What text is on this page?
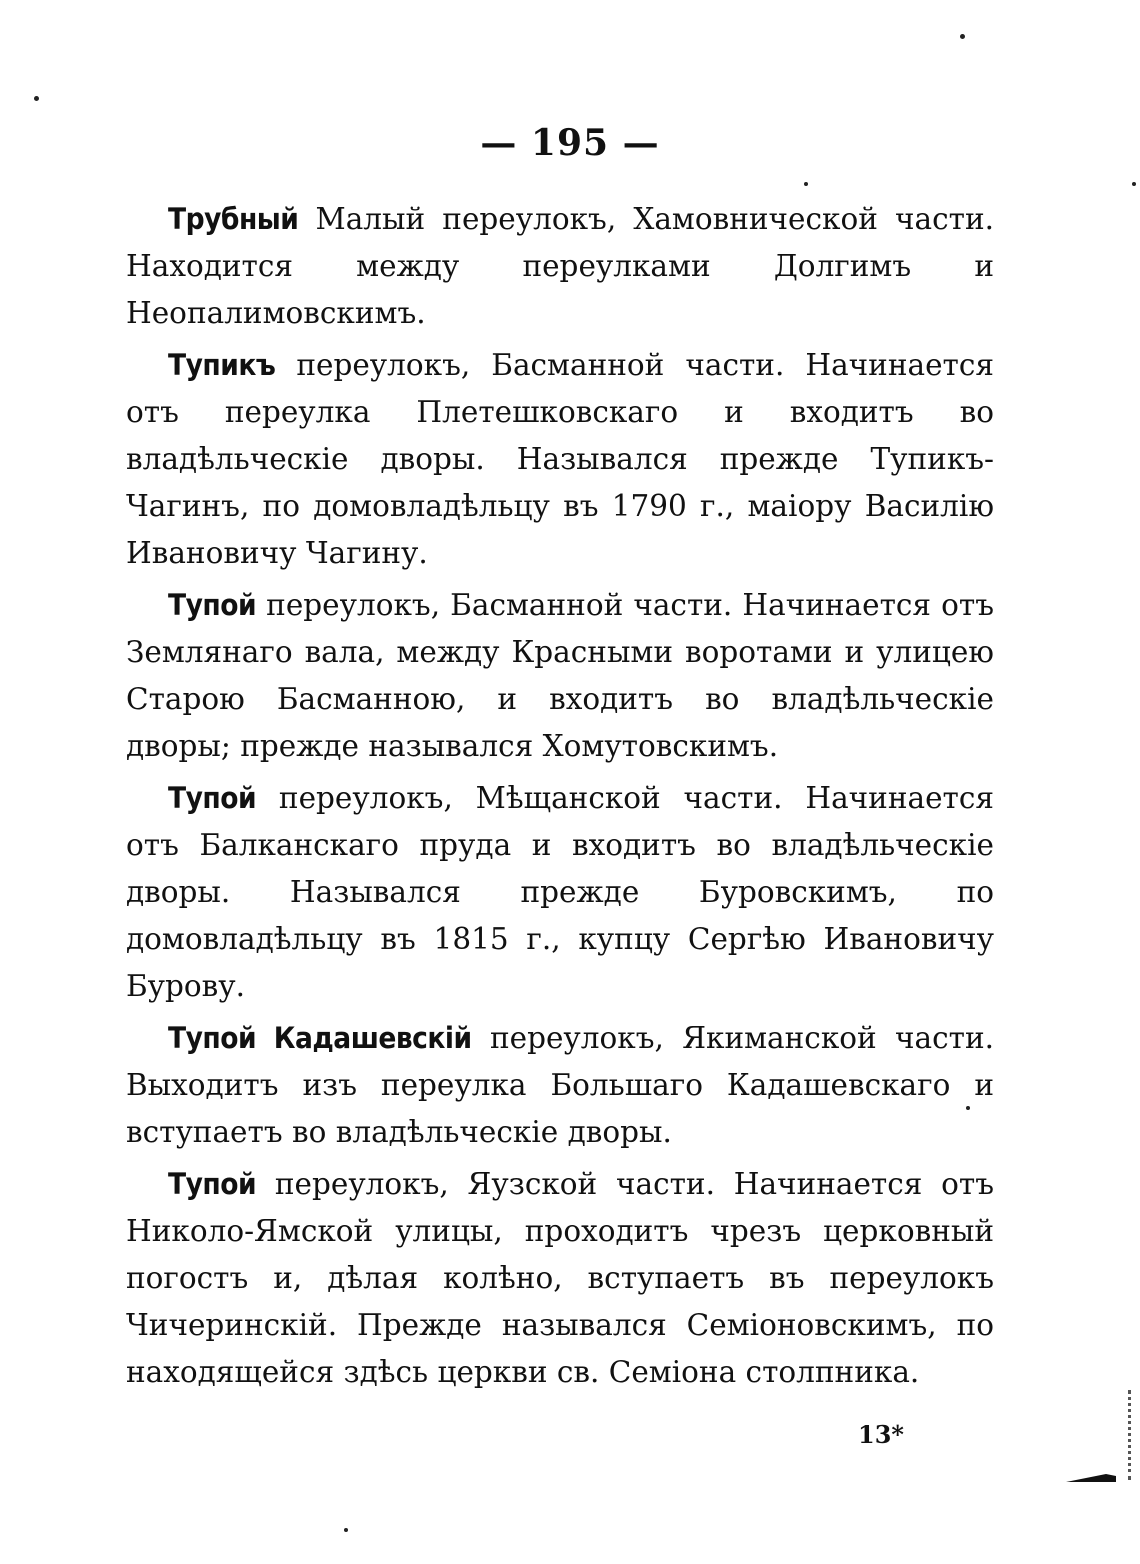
— 195 —

Трубный Малый переулокъ, Хамовнической части. Находится между переулками Долгимъ и Неопалимовскимъ.

Тупикъ переулокъ, Басманной части. Начинается отъ переулка Плетешковскаго и входитъ во владѣльческіе дворы. Назывался прежде Тупикъ-Чагинъ, по домовладѣльцу въ 1790 г., маіору Василію Ивановичу Чагину.

Тупой переулокъ, Басманной части. Начинается отъ Землянаго вала, между Красными воротами и улицею Старою Басманною, и входитъ во владѣльческіе дворы; прежде назывался Хомутовскимъ.

Тупой переулокъ, Мѣщанской части. Начинается отъ Балканскаго пруда и входитъ во владѣльческіе дворы. Назывался прежде Буровскимъ, по домовладѣльцу въ 1815 г., купцу Сергѣю Ивановичу Бурову.

Тупой Кадашевскій переулокъ, Якиманской части. Выходитъ изъ переулка Большаго Кадашевскаго и вступаетъ во владѣльческіе дворы.

Тупой переулокъ, Яузской части. Начинается отъ Николо-Ямской улицы, проходитъ чрезъ церковный погостъ и, дѣлая колѣно, вступаетъ въ переулокъ Чичеринскій. Прежде назывался Семіоновскимъ, по находящейся здѣсь церкви св. Семіона столпника.

13*
